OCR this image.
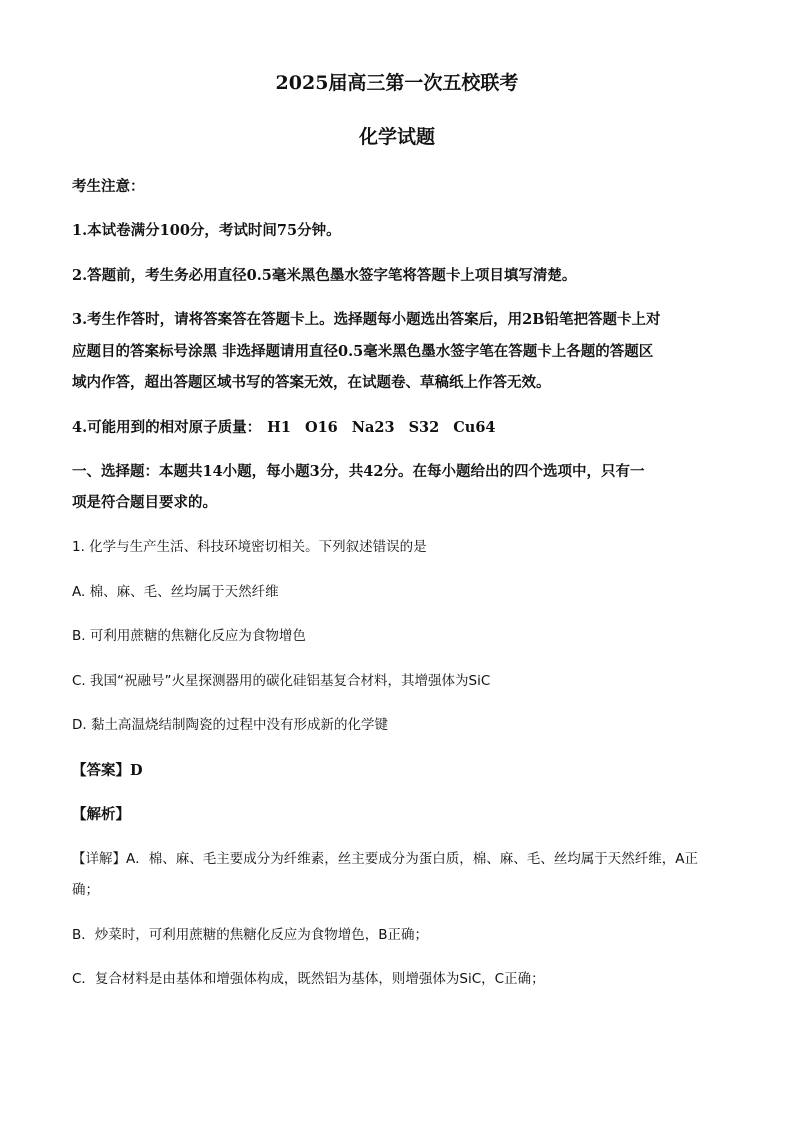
2025届高三第一次五校联考
化学试题
考生注意：
1.本试卷满分100分，考试时间75分钟。
2.答题前，考生务必用直径0.5毫米黑色墨水签字笔将答题卡上项目填写清楚。
3.考生作答时，请将答案答在答题卡上。选择题每小题选出答案后，用2B铅笔把答题卡上对
应题目的答案标号涂黑 非选择题请用直径0.5毫米黑色墨水签字笔在答题卡上各题的答题区
域内作答，超出答题区域书写的答案无效，在试题卷、草稿纸上作答无效。
4.可能用到的相对原子质量： H1 O16 Na23 S32 Cu64
一、选择题：本题共14小题，每小题3分，共42分。在每小题给出的四个选项中，只有一
项是符合题目要求的。
1. 化学与生产生活、科技环境密切相关。下列叙述错误的是
A. 棉、麻、毛、丝均属于天然纤维
B. 可利用蔗糖的焦糖化反应为食物增色
C. 我国“祝融号”火星探测器用的碳化硅铝基复合材料，其增强体为SiC
D. 黏土高温烧结制陶瓷的过程中没有形成新的化学键
【答案】D
【解析】
【详解】A．棉、麻、毛主要成分为纤维素，丝主要成分为蛋白质，棉、麻、毛、丝均属于天然纤维，A正
确；
B．炒菜时，可利用蔗糖的焦糖化反应为食物增色，B正确；
C．复合材料是由基体和增强体构成，既然铝为基体，则增强体为SiC，C正确；
